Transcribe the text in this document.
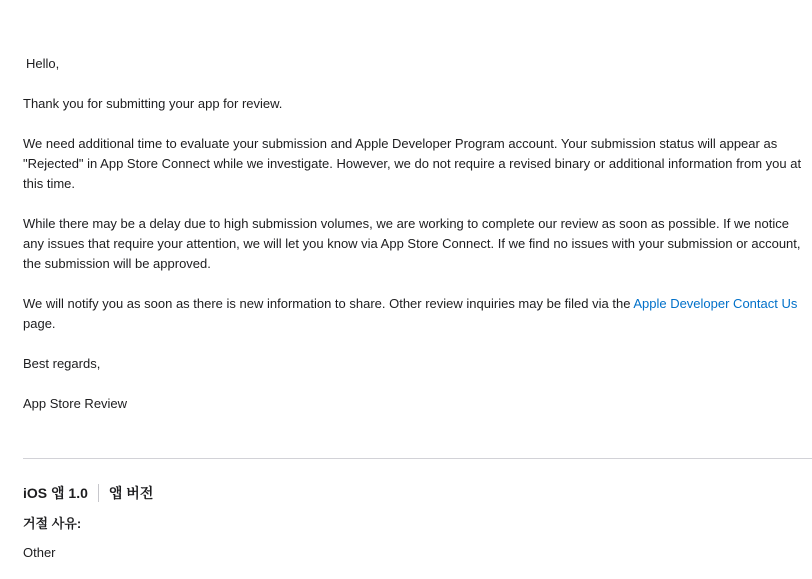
Hello,

Thank you for submitting your app for review.

We need additional time to evaluate your submission and Apple Developer Program account. Your submission status will appear as "Rejected" in App Store Connect while we investigate. However, we do not require a revised binary or additional information from you at this time.

While there may be a delay due to high submission volumes, we are working to complete our review as soon as possible. If we notice any issues that require your attention, we will let you know via App Store Connect. If we find no issues with your submission or account, the submission will be approved.

We will notify you as soon as there is new information to share. Other review inquiries may be filed via the Apple Developer Contact Us page.

Best regards,

App Store Review

iOS 앱 1.0 앱 버전
거절 사유:
Other
